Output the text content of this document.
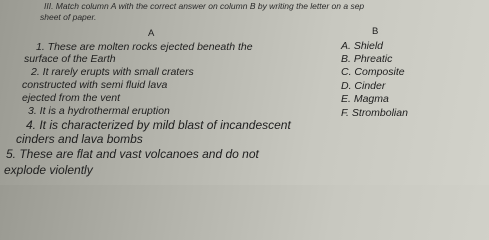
III. Match column A with the correct answer on column B by writing the letter on a sep
sheet of paper.
A	B
1. These are molten rocks ejected beneath the
surface of the Earth
2. It rarely erupts with small craters
constructed with semi fluid lava
ejected from the vent
3. It is a hydrothermal eruption
4. It is characterized by mild blast of incandescent
cinders and lava bombs
5. These are flat and vast volcanoes and do not
explode violently
A. Shield
B. Phreatic
C. Composite
D. Cinder
E. Magma
F. Strombolian
